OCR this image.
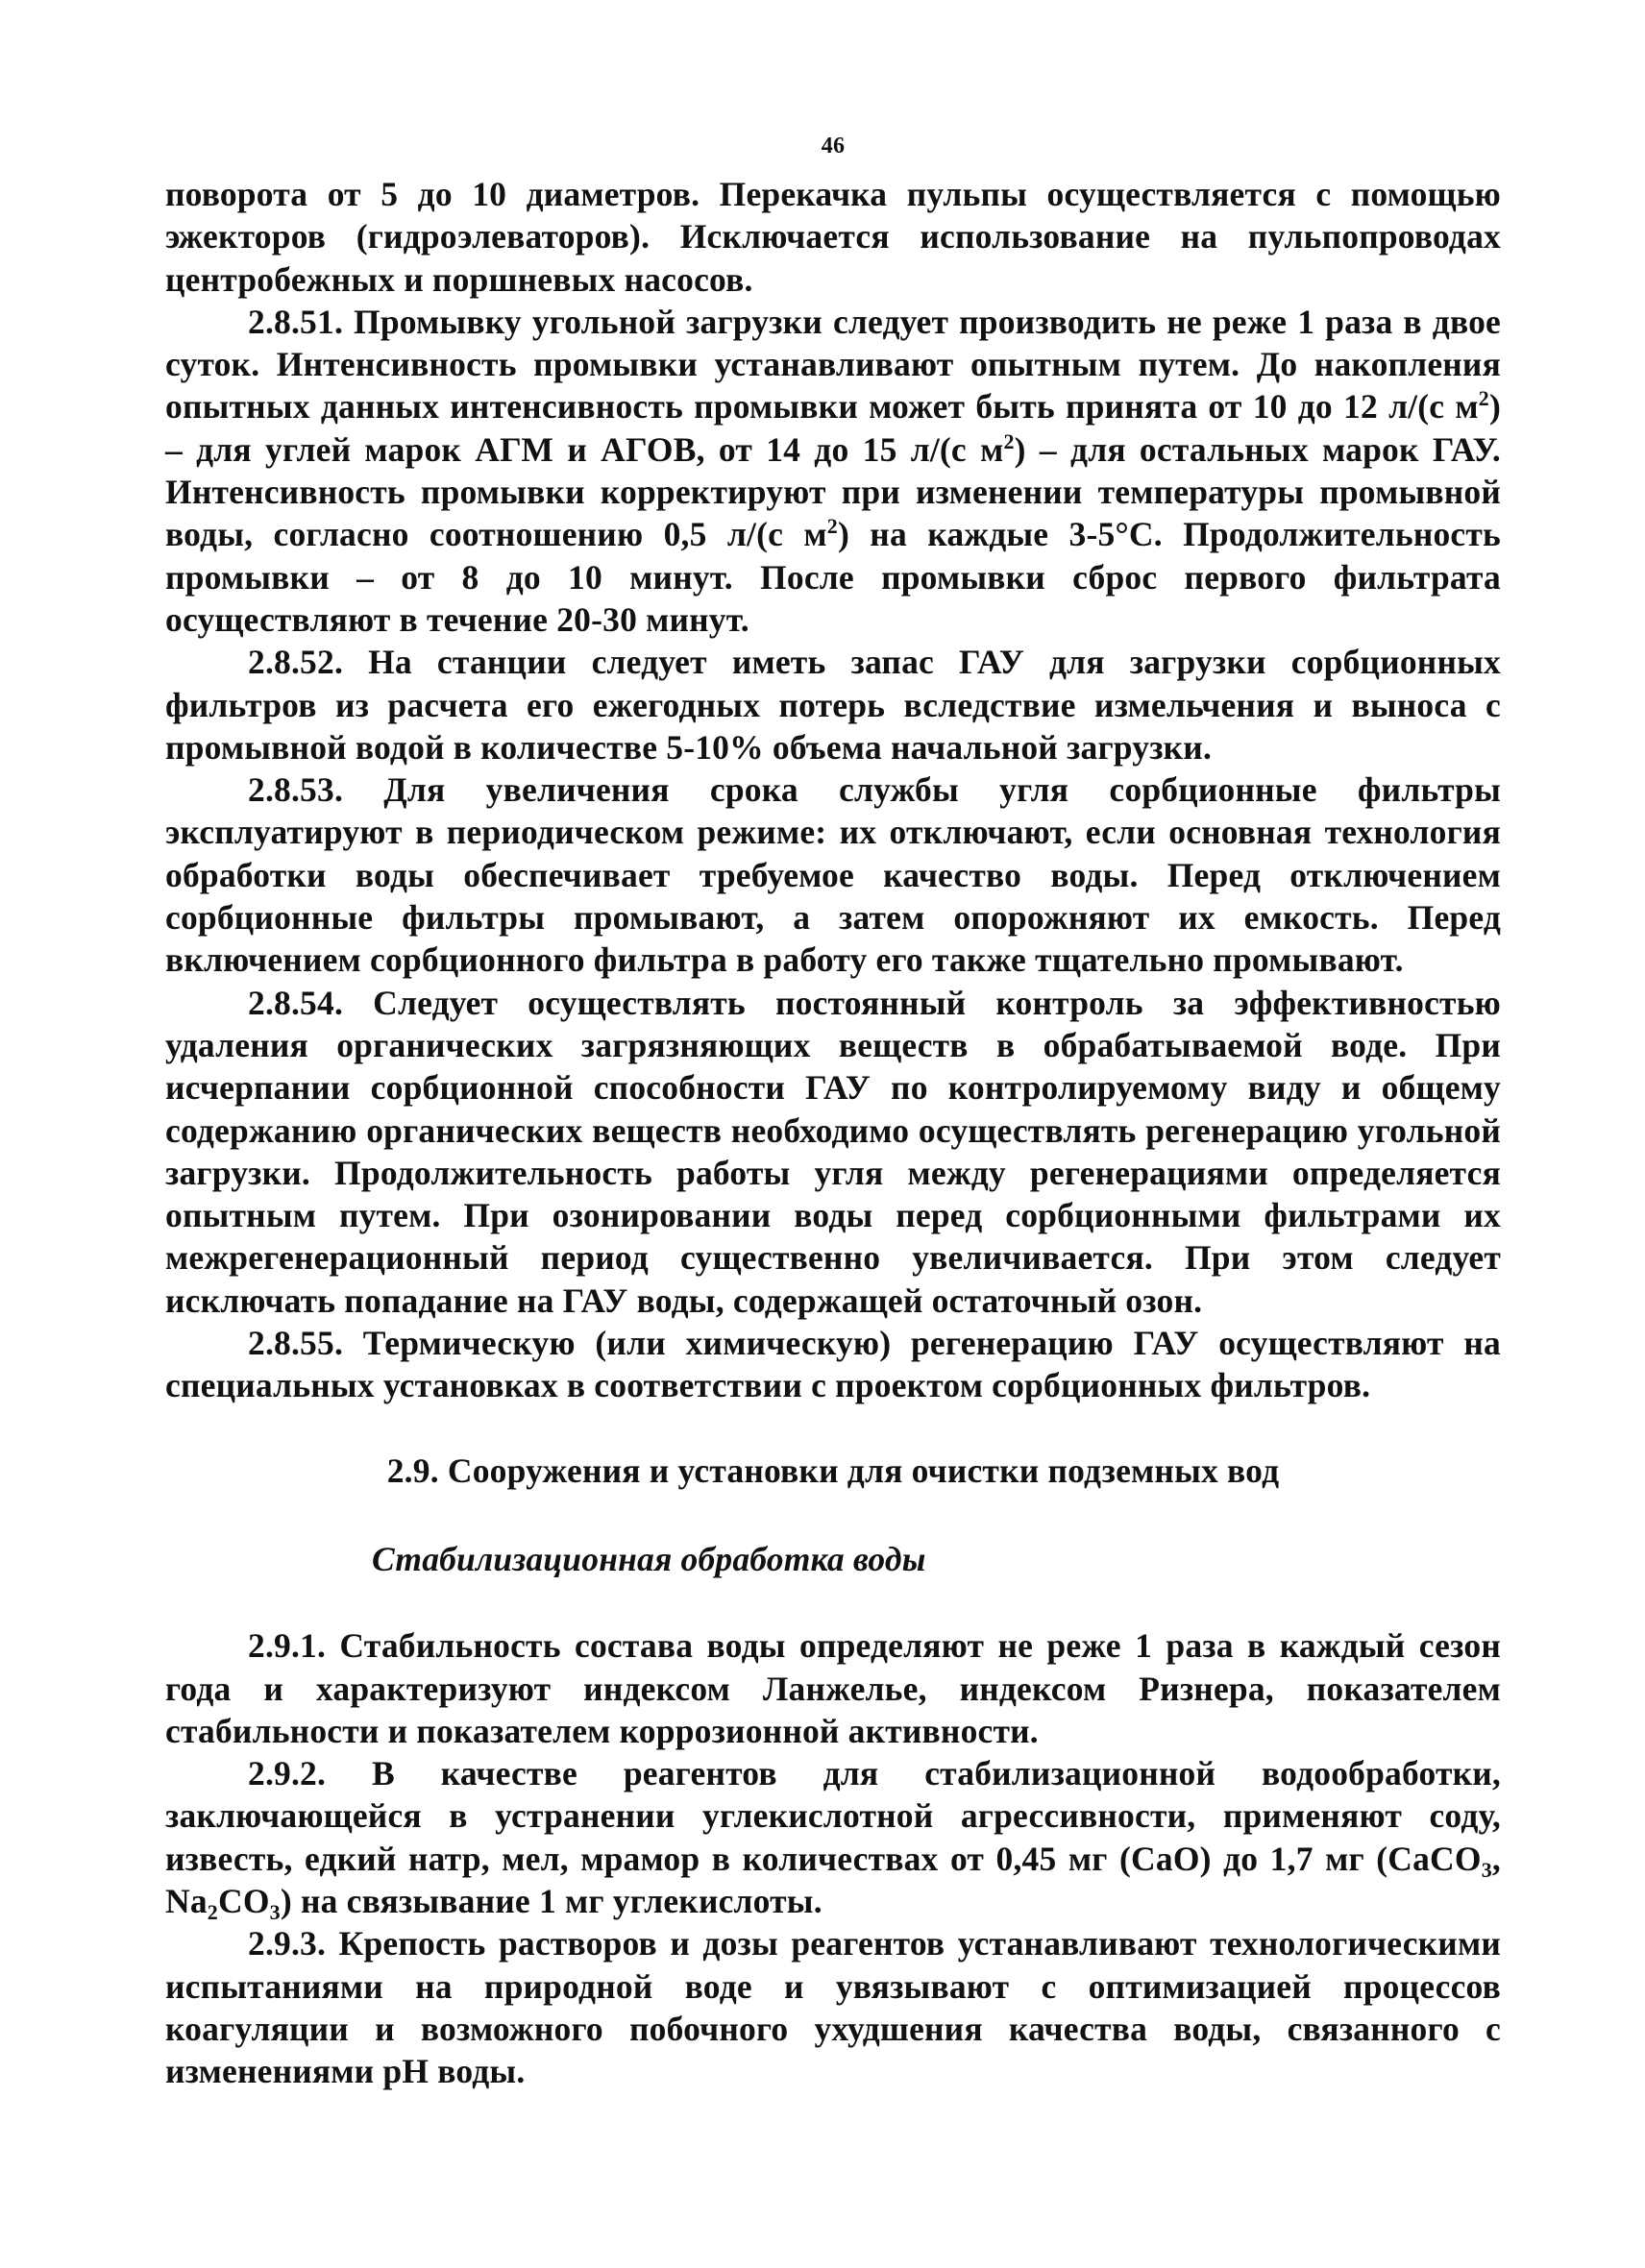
46

поворота от 5 до 10 диаметров. Перекачка пульпы осуществляется с помощью эжекторов (гидроэлеваторов). Исключается использование на пульпопроводах центробежных и поршневых насосов.

2.8.51. Промывку угольной загрузки следует производить не реже 1 раза в двое суток. Интенсивность промывки устанавливают опытным путем. До накопления опытных данных интенсивность промывки может быть принята от 10 до 12 л/(с $м^2$) – для углей марок АГМ и АГОВ, от 14 до 15 л/(с $м^2$) – для остальных марок ГАУ. Интенсивность промывки корректируют при изменении температуры промывной воды, согласно соотношению 0,5 л/(с $м^2$) на каждые 3-5°С. Продолжительность промывки – от 8 до 10 минут. После промывки сброс первого фильтрата осуществляют в течение 20-30 минут.

2.8.52. На станции следует иметь запас ГАУ для загрузки сорбционных фильтров из расчета его ежегодных потерь вследствие измельчения и выноса с промывной водой в количестве 5-10% объема начальной загрузки.

2.8.53. Для увеличения срока службы угля сорбционные фильтры эксплуатируют в периодическом режиме: их отключают, если основная технология обработки воды обеспечивает требуемое качество воды. Перед отключением сорбционные фильтры промывают, а затем опорожняют их емкость. Перед включением сорбционного фильтра в работу его также тщательно промывают.

2.8.54. Следует осуществлять постоянный контроль за эффективностью удаления органических загрязняющих веществ в обрабатываемой воде. При исчерпании сорбционной способности ГАУ по контролируемому виду и общему содержанию органических веществ необходимо осуществлять регенерацию угольной загрузки. Продолжительность работы угля между регенерациями определяется опытным путем. При озонировании воды перед сорбционными фильтрами их межрегенерационный период существенно увеличивается. При этом следует исключать попадание на ГАУ воды, содержащей остаточный озон.

2.8.55. Термическую (или химическую) регенерацию ГАУ осуществляют на специальных установках в соответствии с проектом сорбционных фильтров.

2.9. Сооружения и установки для очистки подземных вод
Стабилизационная обработка воды

2.9.1. Стабильность состава воды определяют не реже 1 раза в каждый сезон года и характеризуют индексом Ланжелье, индексом Ризнера, показателем стабильности и показателем коррозионной активности.

2.9.2. В качестве реагентов для стабилизационной водообработки, заключающейся в устранении углекислотной агрессивности, применяют соду, известь, едкий натр, мел, мрамор в количествах от 0,45 мг (СаО) до 1,7 мг (СаСО$_3$, $Na_2СО_3$) на связывание 1 мг углекислоты.

2.9.3. Крепость растворов и дозы реагентов устанавливают технологическими испытаниями на природной воде и увязывают с оптимизацией процессов коагуляции и возможного побочного ухудшения качества воды, связанного с изменениями pH воды.
